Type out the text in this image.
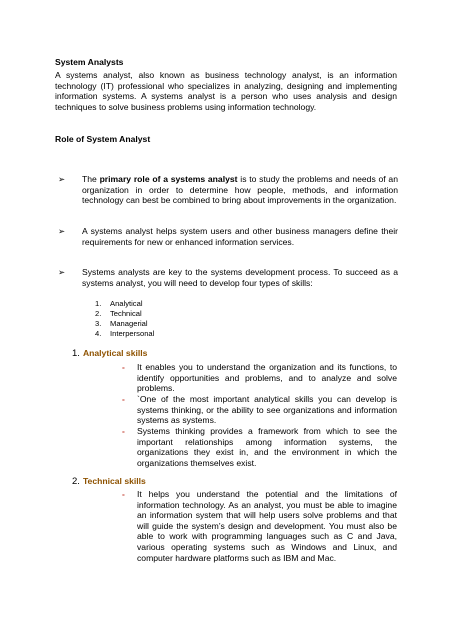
System Analysts

A systems analyst, also known as business technology analyst, is an information technology (IT) professional who specializes in analyzing, designing and implementing information systems. A systems analyst is a person who uses analysis and design techniques to solve business problems using information technology.

Role of System Analyst

➢	The primary role of a systems analyst is to study the problems and needs of an organization in order to determine how people, methods, and information technology can best be combined to bring about improvements in the organization.
➢	A systems analyst helps system users and other business managers define their requirements for new or enhanced information services.
➢	Systems analysts are key to the systems development process. To succeed as a systems analyst, you will need to develop four types of skills:
1. Analytical
2. Technical
3. Managerial
4. Interpersonal
1. Analytical skills
- It enables you to understand the organization and its functions, to identify opportunities and problems, and to analyze and solve problems.
- `One of the most important analytical skills you can develop is systems thinking, or the ability to see organizations and information systems as systems.
- Systems thinking provides a framework from which to see the important relationships among information systems, the organizations they exist in, and the environment in which the organizations themselves exist.
2. Technical skills
- It helps you understand the potential and the limitations of information technology. As an analyst, you must be able to imagine an information system that will help users solve problems and that will guide the system’s design and development. You must also be able to work with programming languages such as C and Java, various operating systems such as Windows and Linux, and computer hardware platforms such as IBM and Mac.
